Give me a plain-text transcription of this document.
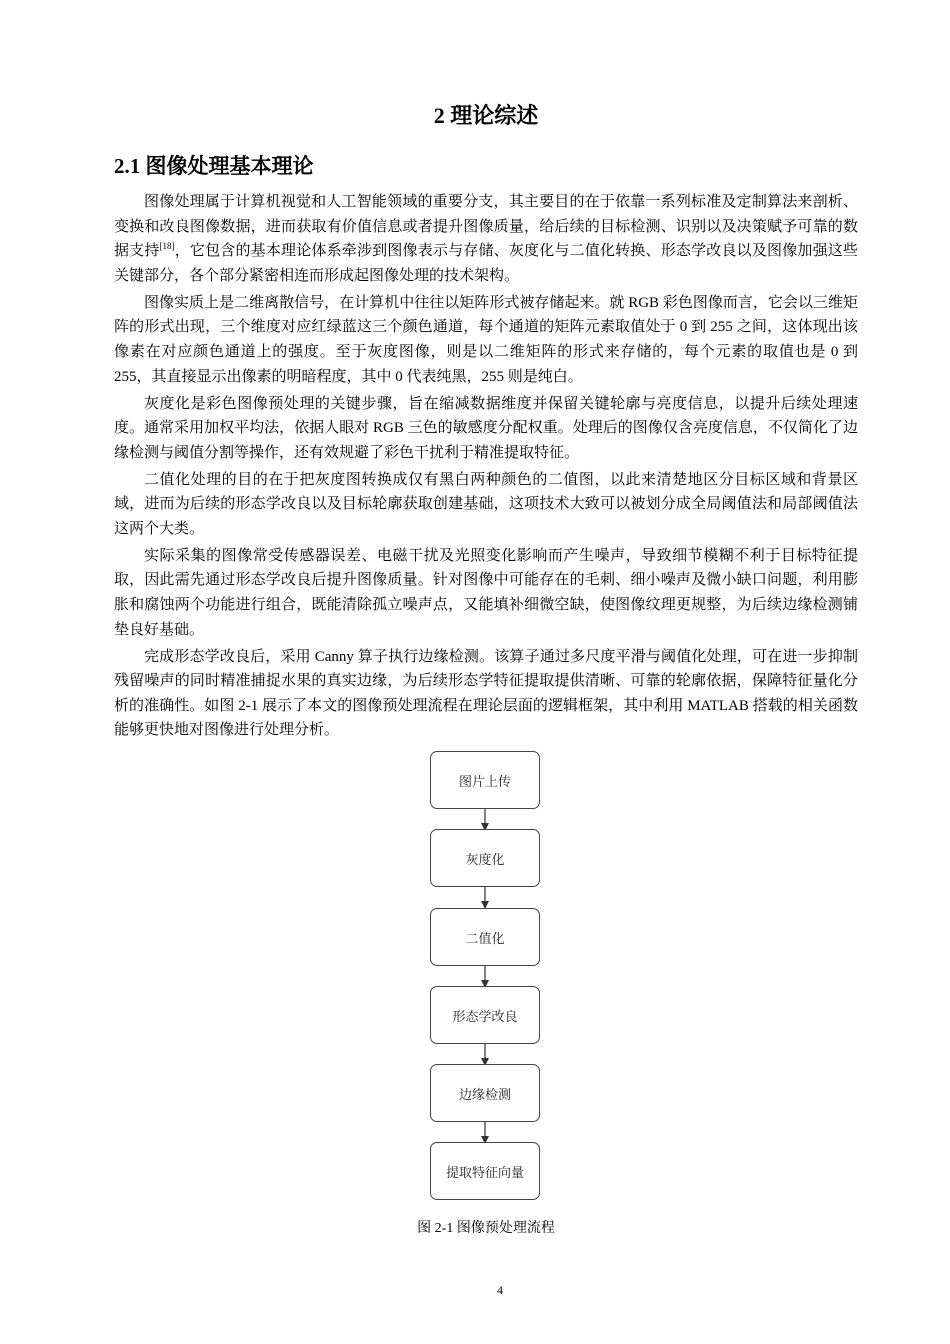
2 理论综述
2.1 图像处理基本理论

图像处理属于计算机视觉和人工智能领域的重要分支，其主要目的在于依靠一系列标准及定制算法来剖析、变换和改良图像数据，进而获取有价值信息或者提升图像质量，给后续的目标检测、识别以及决策赋予可靠的数据支持[18]，它包含的基本理论体系牵涉到图像表示与存储、灰度化与二值化转换、形态学改良以及图像加强这些关键部分，各个部分紧密相连而形成起图像处理的技术架构。

图像实质上是二维离散信号，在计算机中往往以矩阵形式被存储起来。就 RGB 彩色图像而言，它会以三维矩阵的形式出现，三个维度对应红绿蓝这三个颜色通道，每个通道的矩阵元素取值处于 0 到 255 之间，这体现出该像素在对应颜色通道上的强度。至于灰度图像，则是以二维矩阵的形式来存储的，每个元素的取值也是 0 到 255，其直接显示出像素的明暗程度，其中 0 代表纯黑，255 则是纯白。

灰度化是彩色图像预处理的关键步骤，旨在缩减数据维度并保留关键轮廓与亮度信息，以提升后续处理速度。通常采用加权平均法，依据人眼对 RGB 三色的敏感度分配权重。处理后的图像仅含亮度信息，不仅简化了边缘检测与阈值分割等操作，还有效规避了彩色干扰利于精准提取特征。

二值化处理的目的在于把灰度图转换成仅有黑白两种颜色的二值图，以此来清楚地区分目标区域和背景区域，进而为后续的形态学改良以及目标轮廓获取创建基础，这项技术大致可以被划分成全局阈值法和局部阈值法这两个大类。

实际采集的图像常受传感器误差、电磁干扰及光照变化影响而产生噪声，导致细节模糊不利于目标特征提取，因此需先通过形态学改良后提升图像质量。针对图像中可能存在的毛刺、细小噪声及微小缺口问题，利用膨胀和腐蚀两个功能进行组合，既能清除孤立噪声点，又能填补细微空缺，使图像纹理更规整，为后续边缘检测铺垫良好基础。

完成形态学改良后，采用 Canny 算子执行边缘检测。该算子通过多尺度平滑与阈值化处理，可在进一步抑制残留噪声的同时精准捕捉水果的真实边缘，为后续形态学特征提取提供清晰、可靠的轮廓依据，保障特征量化分析的准确性。如图 2-1 展示了本文的图像预处理流程在理论层面的逻辑框架，其中利用 MATLAB 搭载的相关函数能够更快地对图像进行处理分析。

图片上传
灰度化
二值化
形态学改良
边缘检测
提取特征向量
图 2-1 图像预处理流程
4
